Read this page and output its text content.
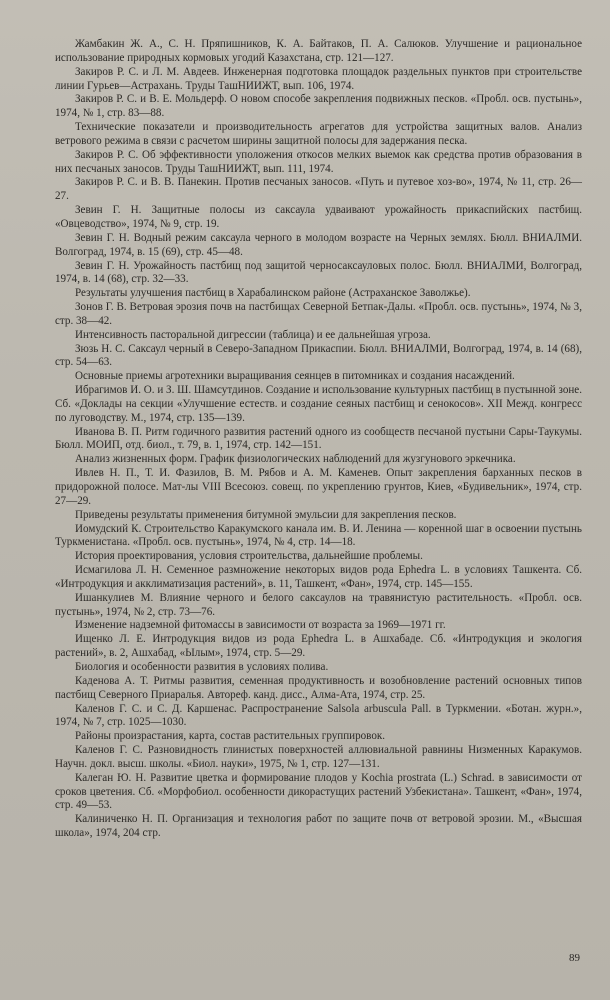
Жамбакин Ж. А., С. Н. Пряпишников, К. А. Байтаков, П. А. Салюков. Улучшение и рациональное использование природных кормовых угодий Казахстана, стр. 121—127.

Закиров Р. С. и Л. М. Авдеев. Инженерная подготовка площадок раздельных пунктов при строительстве линии Гурьев—Астрахань. Труды ТашНИИЖТ, вып. 106, 1974.

Закиров Р. С. и В. Е. Мольдерф. О новом способе закрепления подвижных песков. «Пробл. осв. пустынь», 1974, № 1, стр. 83—88.

Технические показатели и производительность агрегатов для устройства защитных валов. Анализ ветрового режима в связи с расчетом ширины защитной полосы для задержания песка.

Закиров Р. С. Об эффективности уположения откосов мелких выемок как средства против образования в них песчаных заносов. Труды ТашНИИЖТ, вып. 111, 1974.

Закиров Р. С. и В. В. Панекин. Против песчаных заносов. «Путь и путевое хоз-во», 1974, № 11, стр. 26—27.

Зевин Г. Н. Защитные полосы из саксаула удваивают урожайность прикаспийских пастбищ. «Овцеводство», 1974, № 9, стр. 19.

Зевин Г. Н. Водный режим саксаула черного в молодом возрасте на Черных землях. Бюлл. ВНИАЛМИ. Волгоград, 1974, в. 15 (69), стр. 45—48.

Зевин Г. Н. Урожайность пастбищ под защитой черносаксауловых полос. Бюлл. ВНИАЛМИ, Волгоград, 1974, в. 14 (68), стр. 32—33.

Результаты улучшения пастбищ в Харабалинском районе (Астраханское Заволжье).

Зонов Г. В. Ветровая эрозия почв на пастбищах Северной Бетпак-Далы. «Пробл. осв. пустынь», 1974, № 3, стр. 38—42.

Интенсивность пасторальной дигрессии (таблица) и ее дальнейшая угроза.

Зюзь Н. С. Саксаул черный в Северо-Западном Прикаспии. Бюлл. ВНИАЛМИ, Волгоград, 1974, в. 14 (68), стр. 54—63.

Основные приемы агротехники выращивания сеянцев в питомниках и создания насаждений.

Ибрагимов И. О. и З. Ш. Шамсутдинов. Создание и использование культурных пастбищ в пустынной зоне. Сб. «Доклады на секции «Улучшение естеств. и создание сеяных пастбищ и сенокосов». XII Межд. конгресс по луговодству. М., 1974, стр. 135—139.

Иванова В. П. Ритм годичного развития растений одного из сообществ песчаной пустыни Сары-Таукумы. Бюлл. МОИП, отд. биол., т. 79, в. 1, 1974, стр. 142—151.

Анализ жизненных форм. График физиологических наблюдений для жузгунового эркечника.

Ивлев Н. П., Т. И. Фазилов, В. М. Рябов и А. М. Каменев. Опыт закрепления барханных песков в придорожной полосе. Мат-лы VIII Всесоюз. совещ. по укреплению грунтов, Киев, «Будивельник», 1974, стр. 27—29.

Приведены результаты применения битумной эмульсии для закрепления песков.

Иомудский К. Строительство Каракумского канала им. В. И. Ленина — коренной шаг в освоении пустынь Туркменистана. «Пробл. осв. пустынь», 1974, № 4, стр. 14—18.

История проектирования, условия строительства, дальнейшие проблемы.

Исмагилова Л. Н. Семенное размножение некоторых видов рода Ephedra L. в условиях Ташкента. Сб. «Интродукция и акклиматизация растений», в. 11, Ташкент, «Фан», 1974, стр. 145—155.

Ишанкулиев М. Влияние черного и белого саксаулов на травянистую растительность. «Пробл. осв. пустынь», 1974, № 2, стр. 73—76.

Изменение надземной фитомассы в зависимости от возраста за 1969—1971 гг.

Ищенко Л. Е. Интродукция видов из рода Ephedra L. в Ашхабаде. Сб. «Интродукция и экология растений», в. 2, Ашхабад, «Ылым», 1974, стр. 5—29.

Биология и особенности развития в условиях полива.

Каденова А. Т. Ритмы развития, семенная продуктивность и возобновление растений основных типов пастбищ Северного Приаралья. Автореф. канд. дисс., Алма-Ата, 1974, стр. 25.

Каленов Г. С. и С. Д. Каршенас. Распространение Salsola arbuscula Pall. в Туркмении. «Ботан. журн.», 1974, № 7, стр. 1025—1030.

Районы произрастания, карта, состав растительных группировок.

Каленов Г. С. Разновидность глинистых поверхностей аллювиальной равнины Низменных Каракумов. Научн. докл. высш. школы. «Биол. науки», 1975, № 1, стр. 127—131.

Калеган Ю. Н. Развитие цветка и формирование плодов у Kochia prostrata (L.) Schrad. в зависимости от сроков цветения. Сб. «Морфобиол. особенности дикорастущих растений Узбекистана». Ташкент, «Фан», 1974, стр. 49—53.

Калиниченко Н. П. Организация и технология работ по защите почв от ветровой эрозии. М., «Высшая школа», 1974, 204 стр.

89
